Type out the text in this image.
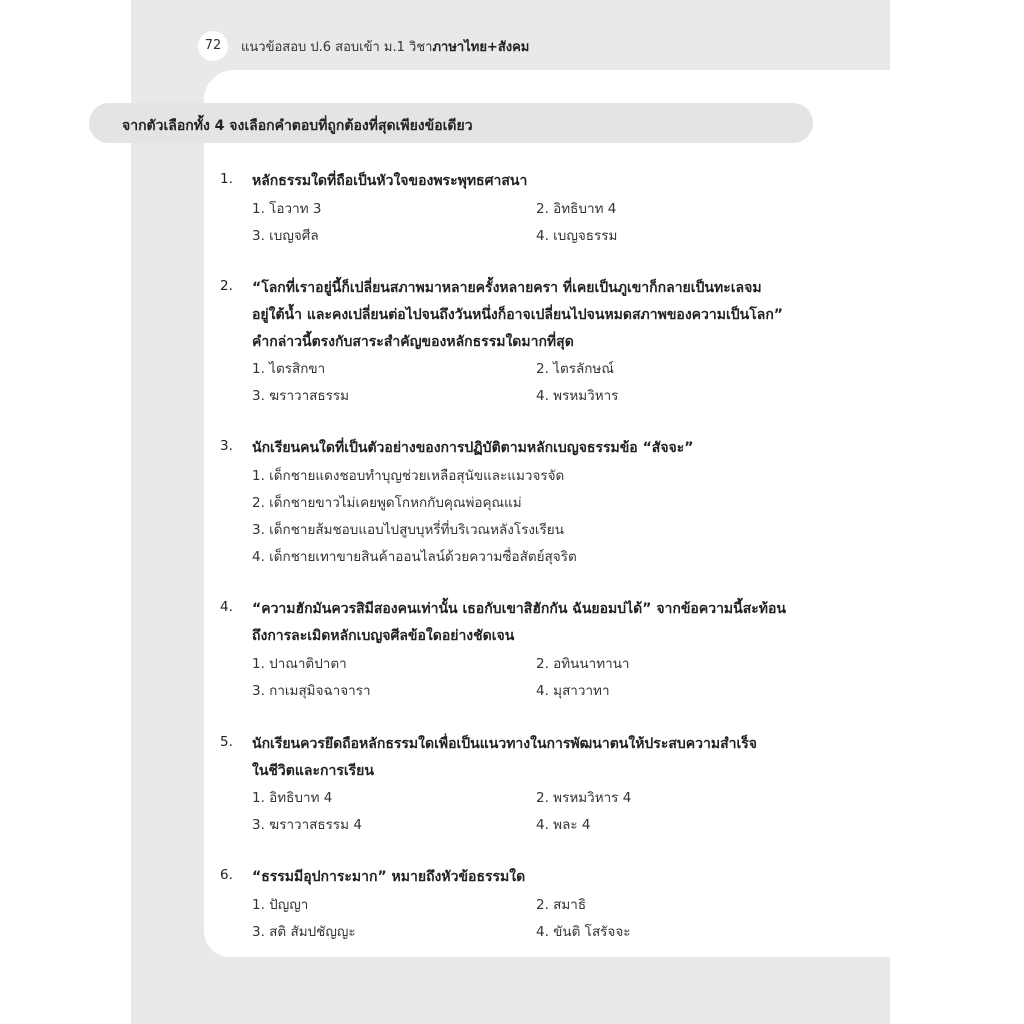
72	แนวข้อสอบ ป.6 สอบเข้า ม.1 วิชาภาษาไทย+สังคม
จากตัวเลือกทั้ง 4 จงเลือกคำตอบที่ถูกต้องที่สุดเพียงข้อเดียว
1. หลักธรรมใดที่ถือเป็นหัวใจของพระพุทธศาสนา
1. โอวาท 3	2. อิทธิบาท 4
3. เบญจศีล	4. เบญจธรรม
2. “โลกที่เราอยู่นี้ก็เปลี่ยนสภาพมาหลายครั้งหลายครา ที่เคยเป็นภูเขาก็กลายเป็นทะเลจม
อยู่ใต้น้ำ และคงเปลี่ยนต่อไปจนถึงวันหนึ่งก็อาจเปลี่ยนไปจนหมดสภาพของความเป็นโลก”
คำกล่าวนี้ตรงกับสาระสำคัญของหลักธรรมใดมากที่สุด
1. ไตรสิกขา	2. ไตรลักษณ์
3. ฆราวาสธรรม	4. พรหมวิหาร
3. นักเรียนคนใดที่เป็นตัวอย่างของการปฏิบัติตามหลักเบญจธรรมข้อ “สัจจะ”
1. เด็กชายแดงชอบทำบุญช่วยเหลือสุนัขและแมวจรจัด
2. เด็กชายขาวไม่เคยพูดโกหกกับคุณพ่อคุณแม่
3. เด็กชายส้มชอบแอบไปสูบบุหรี่ที่บริเวณหลังโรงเรียน
4. เด็กชายเทาขายสินค้าออนไลน์ด้วยความซื่อสัตย์สุจริต
4. “ความฮักมันควรสิมีสองคนเท่านั้น เธอกับเขาสิฮักกัน ฉันยอมบ่ได้” จากข้อความนี้สะท้อน
ถึงการละเมิดหลักเบญจศีลข้อใดอย่างชัดเจน
1. ปาณาติปาตา	2. อทินนาทานา
3. กาเมสุมิจฉาจารา	4. มุสาวาทา
5. นักเรียนควรยึดถือหลักธรรมใดเพื่อเป็นแนวทางในการพัฒนาตนให้ประสบความสำเร็จ
ในชีวิตและการเรียน
1. อิทธิบาท 4	2. พรหมวิหาร 4
3. ฆราวาสธรรม 4	4. พละ 4
6. “ธรรมมีอุปการะมาก” หมายถึงหัวข้อธรรมใด
1. ปัญญา	2. สมาธิ
3. สติ สัมปชัญญะ	4. ขันติ โสรัจจะ
